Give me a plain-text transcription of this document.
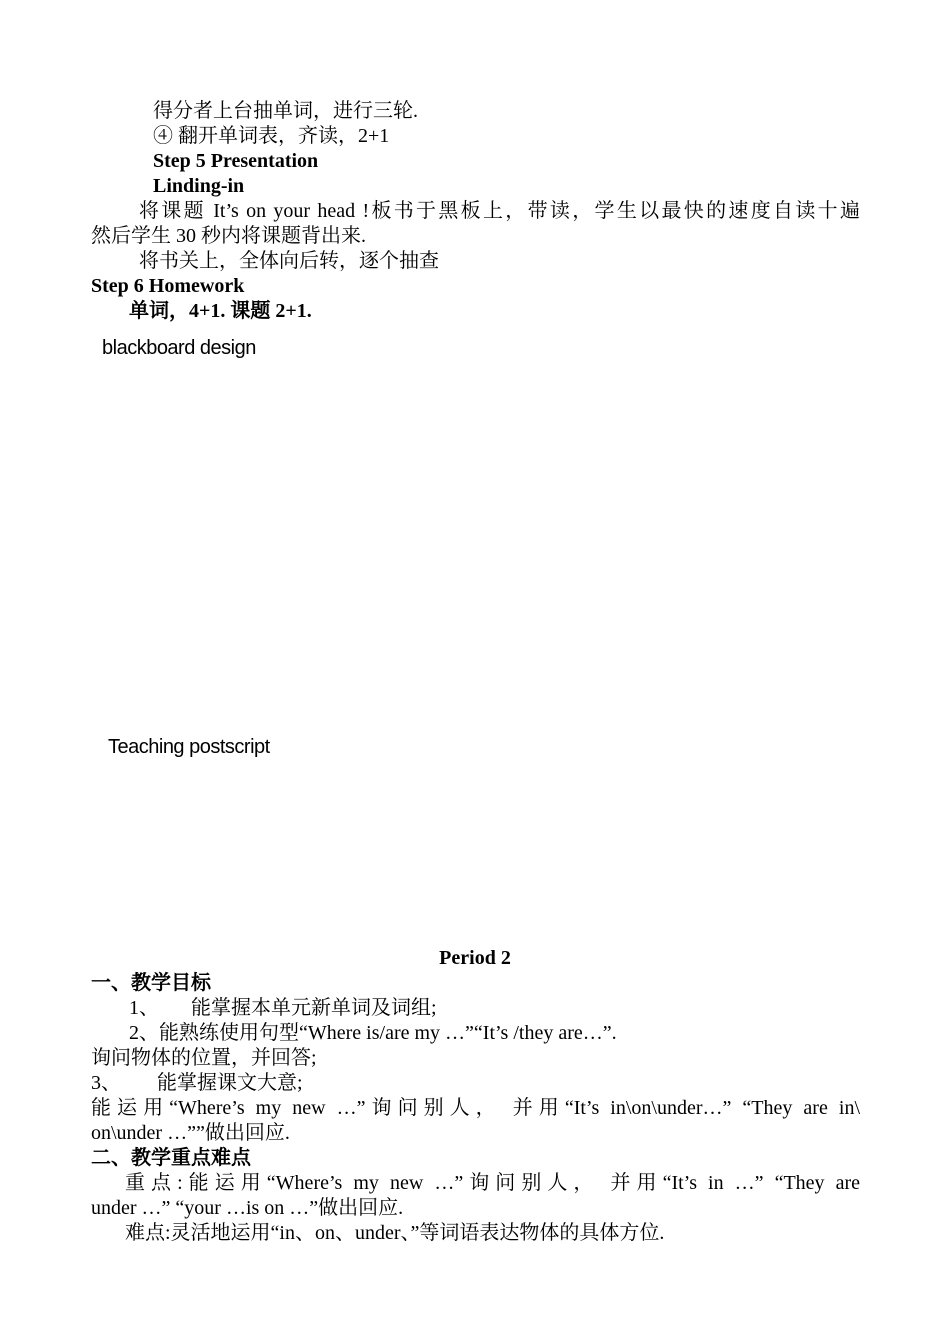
得分者上台抽单词，进行三轮.
④ 翻开单词表，齐读，2+1
Step 5 Presentation
Linding-in
将课题 It’s on your head !板书于黑板上，带读，学生以最快的速度自读十遍
然后学生 30 秒内将课题背出来.
将书关上，全体向后转，逐个抽查
Step 6 Homework
单词，4+1. 课题 2+1.
blackboard design
Teaching postscript
Period 2
一、教学目标
1、 能掌握本单元新单词及词组;
2、能熟练使用句型“Where is/are my …”“It’s /they are…”.
询问物体的位置，并回答;
3、 能掌握课文大意;
能运用“Where’s my new …”询问别人， 并用“It’s in\on\under…” “They are in\
on\under …””做出回应.
二、教学重点难点
重点:能运用“Where’s my new …”询问别人， 并用“It’s in …” “They are
under …” “your …is on …”做出回应.
难点:灵活地运用“in、on、under、”等词语表达物体的具体方位.
